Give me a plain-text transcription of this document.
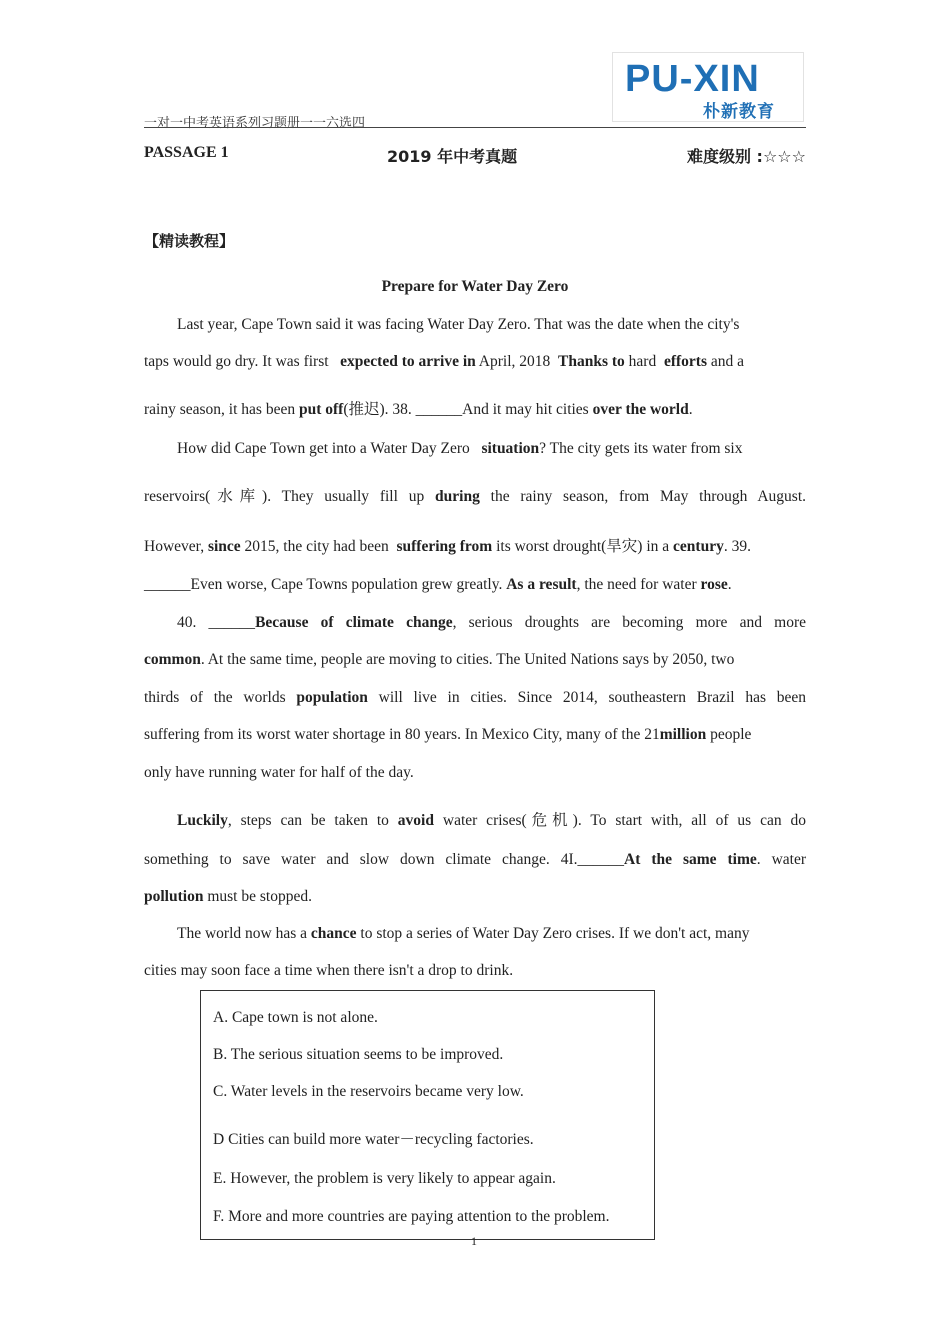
PU-XIN
朴新教育
一对一中考英语系列习题册一一六选四
PASSAGE 1	2019 年中考真题	难度级别 :☆☆☆
【精读教程】
Prepare for Water Day Zero
Last year, Cape Town said it was facing Water Day Zero. That was the date when the city's
taps would go dry. It was first expected to arrive in April, 2018 Thanks to hard efforts and a
rainy season, it has been put off(推迟). 38. ______And it may hit cities over the world.
How did Cape Town get into a Water Day Zero situation? The city gets its water from six
reservoirs(水库). They usually fill up during the rainy season, from May through August.
However, since 2015, the city had been suffering from its worst drought(旱灾) in a century. 39.
______Even worse, Cape Towns population grew greatly. As a result, the need for water rose.
40. ______Because of climate change, serious droughts are becoming more and more
common. At the same time, people are moving to cities. The United Nations says by 2050, two
thirds of the worlds population will live in cities. Since 2014, southeastern Brazil has been
suffering from its worst water shortage in 80 years. In Mexico City, many of the 21million people
only have running water for half of the day.
Luckily, steps can be taken to avoid water crises(危机). To start with, all of us can do
something to save water and slow down climate change. 4I.______At the same time. water
pollution must be stopped.
The world now has a chance to stop a series of Water Day Zero crises. If we don't act, many
cities may soon face a time when there isn't a drop to drink.
A. Cape town is not alone.
B. The serious situation seems to be improved.
C. Water levels in the reservoirs became very low.
D Cities can build more water－recycling factories.
E. However, the problem is very likely to appear again.
F. More and more countries are paying attention to the problem.
1
